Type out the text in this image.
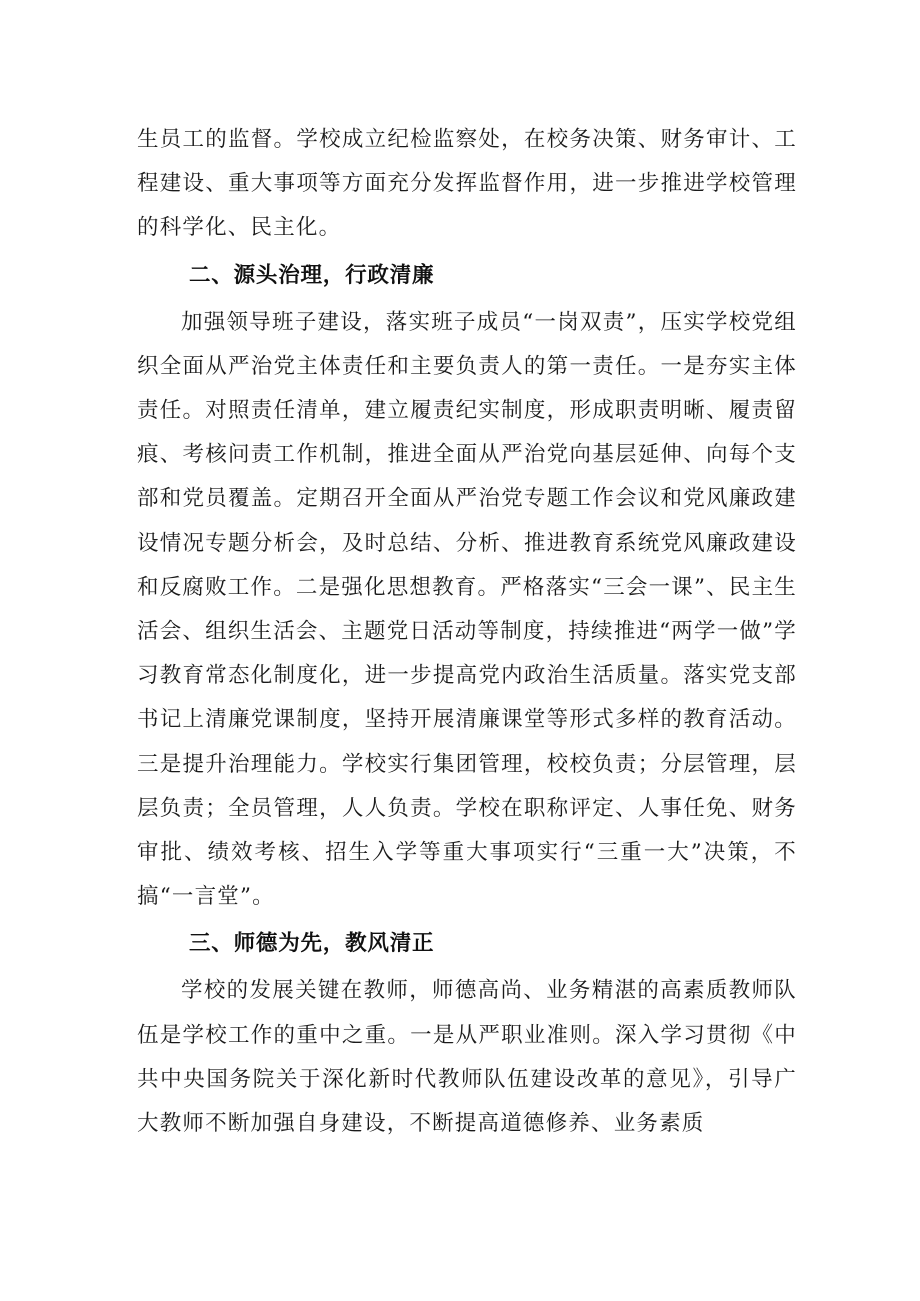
生员工的监督。学校成立纪检监察处，在校务决策、财务审计、工程建设、重大事项等方面充分发挥监督作用，进一步推进学校管理的科学化、民主化。

二、源头治理，行政清廉

加强领导班子建设，落实班子成员“一岗双责”，压实学校党组织全面从严治党主体责任和主要负责人的第一责任。一是夯实主体责任。对照责任清单，建立履责纪实制度，形成职责明晰、履责留痕、考核问责工作机制，推进全面从严治党向基层延伸、向每个支部和党员覆盖。定期召开全面从严治党专题工作会议和党风廉政建设情况专题分析会，及时总结、分析、推进教育系统党风廉政建设和反腐败工作。二是强化思想教育。严格落实“三会一课”、民主生活会、组织生活会、主题党日活动等制度，持续推进“两学一做”学习教育常态化制度化，进一步提高党内政治生活质量。落实党支部书记上清廉党课制度，坚持开展清廉课堂等形式多样的教育活动。三是提升治理能力。学校实行集团管理，校校负责；分层管理，层层负责；全员管理，人人负责。学校在职称评定、人事任免、财务审批、绩效考核、招生入学等重大事项实行“三重一大”决策，不搞“一言堂”。

三、师德为先，教风清正

学校的发展关键在教师，师德高尚、业务精湛的高素质教师队伍是学校工作的重中之重。一是从严职业准则。深入学习贯彻《中共中央国务院关于深化新时代教师队伍建设改革的意见》，引导广大教师不断加强自身建设，不断提高道德修养、业务素质
